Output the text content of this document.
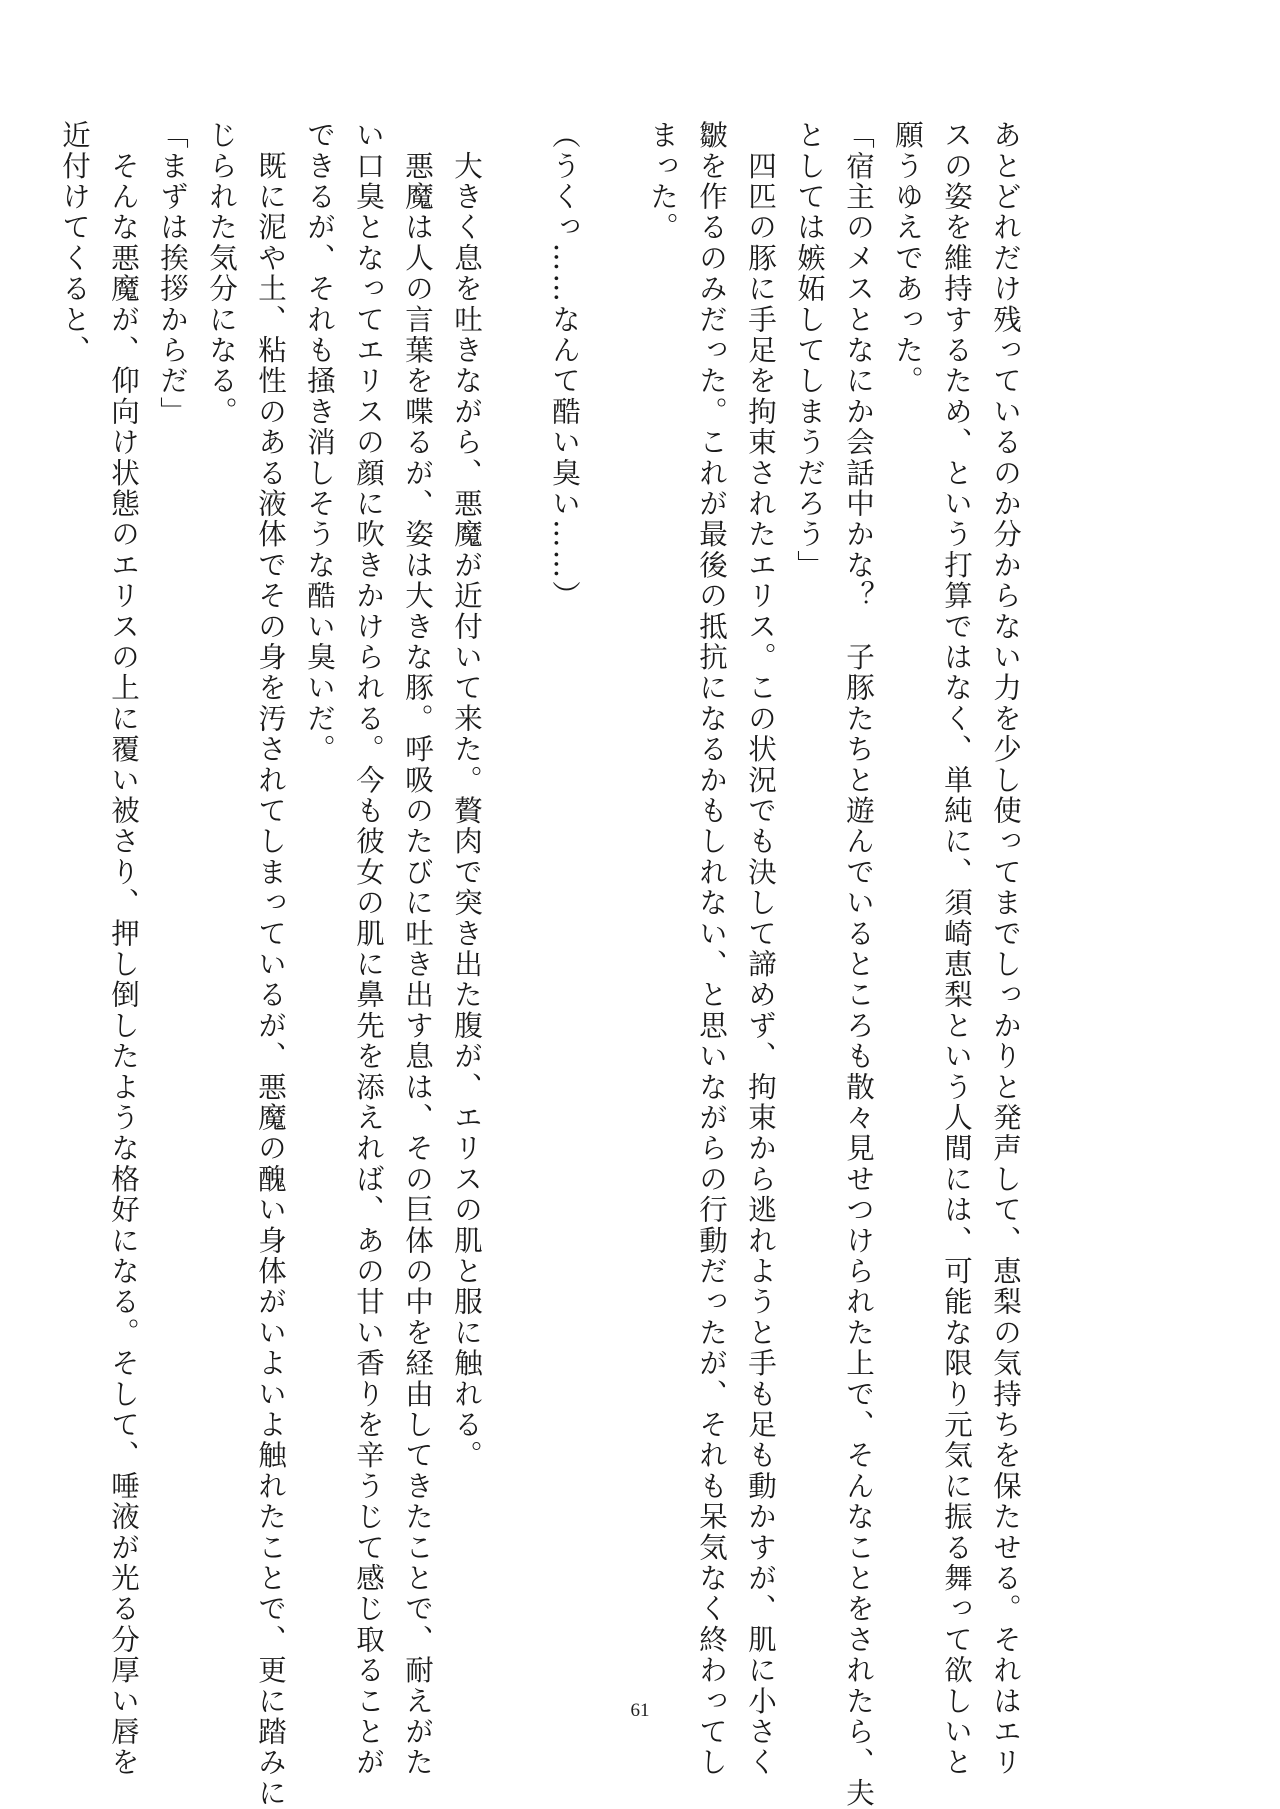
あとどれだけ残っているのか分からない力を少し使ってまでしっかりと発声して、恵梨の気持ちを保たせる。それはエリ
スの姿を維持するため、という打算ではなく、単純に、須崎恵梨という人間には、可能な限り元気に振る舞って欲しいと
願うゆえであった。
「宿主のメスとなにか会話中かな？　子豚たちと遊んでいるところも散々見せつけられた上で、そんなことをされたら、夫
としては嫉妬してしまうだろう」
　四匹の豚に手足を拘束されたエリス。この状況でも決して諦めず、拘束から逃れようと手も足も動かすが、肌に小さく
皺を作るのみだった。これが最後の抵抗になるかもしれない、と思いながらの行動だったが、それも呆気なく終わってし
まった。
（うくっ……なんて酷い臭い……）
　大きく息を吐きながら、悪魔が近付いて来た。贅肉で突き出た腹が、エリスの肌と服に触れる。
　悪魔は人の言葉を喋るが、姿は大きな豚。呼吸のたびに吐き出す息は、その巨体の中を経由してきたことで、耐えがた
い口臭となってエリスの顔に吹きかけられる。今も彼女の肌に鼻先を添えれば、あの甘い香りを辛うじて感じ取ることが
できるが、それも掻き消しそうな酷い臭いだ。
　既に泥や土、粘性のある液体でその身を汚されてしまっているが、悪魔の醜い身体がいよいよ触れたことで、更に踏みに
じられた気分になる。
「まずは挨拶からだ」
　そんな悪魔が、仰向け状態のエリスの上に覆い被さり、押し倒したような格好になる。そして、唾液が光る分厚い唇を
近付けてくると、
61
